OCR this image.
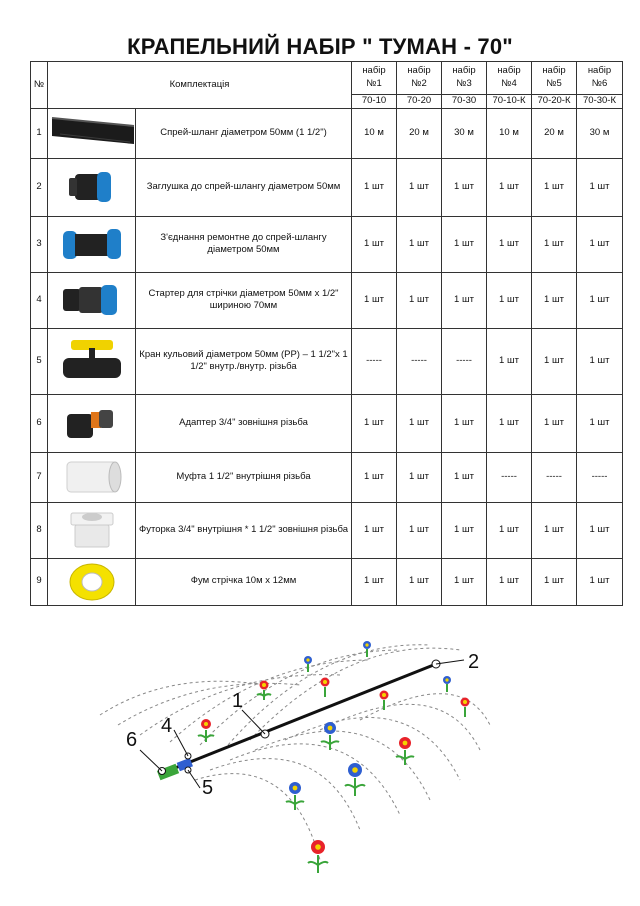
КРАПЕЛЬНИЙ НАБІР " ТУМАН - 70"
№	Комплектація		набір №1	набір №2	набір №3	набір №4	набір №5	набір №6
			70-10	70-20	70-30	70-10-К	70-20-К	70-30-К
1		Спрей-шланг діаметром 50мм (1 1/2")	10 м	20 м	30 м	10 м	20 м	30 м
2		Заглушка до спрей-шлангу діаметром 50мм	1 шт	1 шт	1 шт	1 шт	1 шт	1 шт
3		З'єднання ремонтне до спрей-шлангу діаметром 50мм	1 шт	1 шт	1 шт	1 шт	1 шт	1 шт
4		Стартер для стрічки діаметром 50мм х 1/2" шириною 70мм	1 шт	1 шт	1 шт	1 шт	1 шт	1 шт
5		Кран кульовий діаметром 50мм (PP) – 1 1/2"х 1 1/2" внутр./внутр. різьба	-----	-----	-----	1 шт	1 шт	1 шт
6		Адаптер 3/4" зовнішня різьба	1 шт	1 шт	1 шт	1 шт	1 шт	1 шт
7		Муфта 1 1/2" внутрішня різьба	1 шт	1 шт	1 шт	-----	-----	-----
8		Футорка 3/4" внутрішня * 1 1/2" зовнішня різьба	1 шт	1 шт	1 шт	1 шт	1 шт	1 шт
9		Фум стрічка 10м х 12мм	1 шт	1 шт	1 шт	1 шт	1 шт	1 шт
1
2
4
5
6
